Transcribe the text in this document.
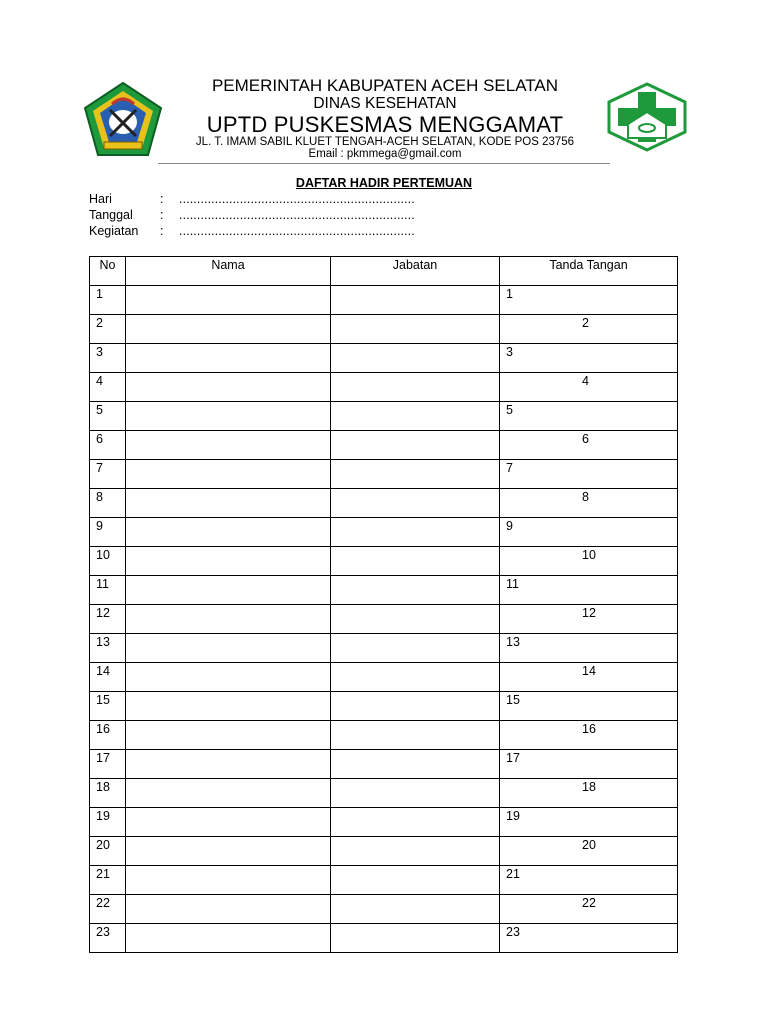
PEMERINTAH KABUPATEN ACEH SELATAN
DINAS KESEHATAN
UPTD PUSKESMAS MENGGAMAT
JL. T. IMAM SABIL KLUET TENGAH-ACEH SELATAN, KODE POS 23756
Email : pkmmega@gmail.com
DAFTAR HADIR PERTEMUAN
Hari	: ..................................................................
Tanggal	: ..................................................................
Kegiatan	: ..................................................................
No	Nama	Jabatan	Tanda Tangan
1			1
2			2
3			3
4			4
5			5
6			6
7			7
8			8
9			9
10			10
11			11
12			12
13			13
14			14
15			15
16			16
17			17
18			18
19			19
20			20
21			21
22			22
23			23
